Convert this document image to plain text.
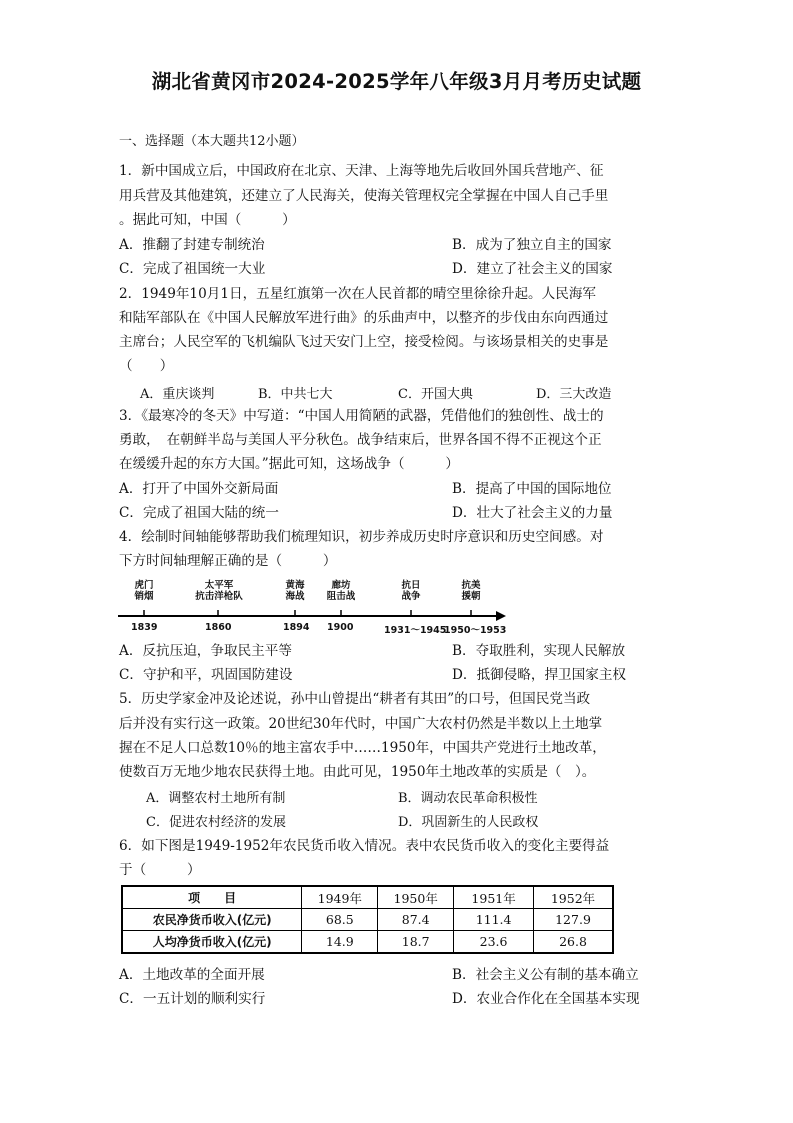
湖北省黄冈市2024-2025学年八年级3月月考历史试题
一、选择题（本大题共12小题）
1．新中国成立后，中国政府在北京、天津、上海等地先后收回外国兵营地产、征
用兵营及其他建筑，还建立了人民海关，使海关管理权完全掌握在中国人自己手里
。据此可知，中国（　　　）
A．推翻了封建专制统治	B．成为了独立自主的国家
C．完成了祖国统一大业	D．建立了社会主义的国家
2．1949年10月1日，五星红旗第一次在人民首都的晴空里徐徐升起。人民海军
和陆军部队在《中国人民解放军进行曲》的乐曲声中，以整齐的步伐由东向西通过
主席台；人民空军的飞机编队飞过天安门上空，接受检阅。与该场景相关的史事是
（　　）
A．重庆谈判	B．中共七大	C．开国大典	D．三大改造
3．《最寒冷的冬天》中写道：“中国人用简陋的武器，凭借他们的独创性、战士的
勇敢，　在朝鲜半岛与美国人平分秋色。战争结束后，世界各国不得不正视这个正
在缓缓升起的东方大国。”据此可知，这场战争（　　　）
A．打开了中国外交新局面	B．提高了中国的国际地位
C．完成了祖国大陆的统一	D．壮大了社会主义的力量
4．绘制时间轴能够帮助我们梳理知识，初步养成历史时序意识和历史空间感。对
下方时间轴理解正确的是（　　　）
虎门
销烟
太平军
抗击洋枪队
黄海
海战
廊坊
阻击战
抗日
战争
抗美
援朝
1839	1860	1894 1900	1931～1945
1950～1953
A．反抗压迫，争取民主平等	B．夺取胜利，实现人民解放
C．守护和平，巩固国防建设	D．抵御侵略，捍卫国家主权
5．历史学家金冲及论述说，孙中山曾提出“耕者有其田”的口号，但国民党当政
后并没有实行这一政策。20世纪30年代时，中国广大农村仍然是半数以上土地掌
握在不足人口总数10％的地主富农手中……1950年，中国共产党进行土地改革，
使数百万无地少地农民获得土地。由此可见，1950年土地改革的实质是（　）。
A．调整农村土地所有制	B．调动农民革命积极性
C．促进农村经济的发展	D．巩固新生的人民政权
6．如下图是1949-1952年农民货币收入情况。表中农民货币收入的变化主要得益
于（　　　）
项　　目	1949年	1950年	1951年	1952年
农民净货币收入(亿元)	68.5	87.4	111.4	127.9
人均净货币收入(亿元)	14.9	18.7	23.6	26.8
A．土地改革的全面开展	B．社会主义公有制的基本确立
C．一五计划的顺利实行	D．农业合作化在全国基本实现
